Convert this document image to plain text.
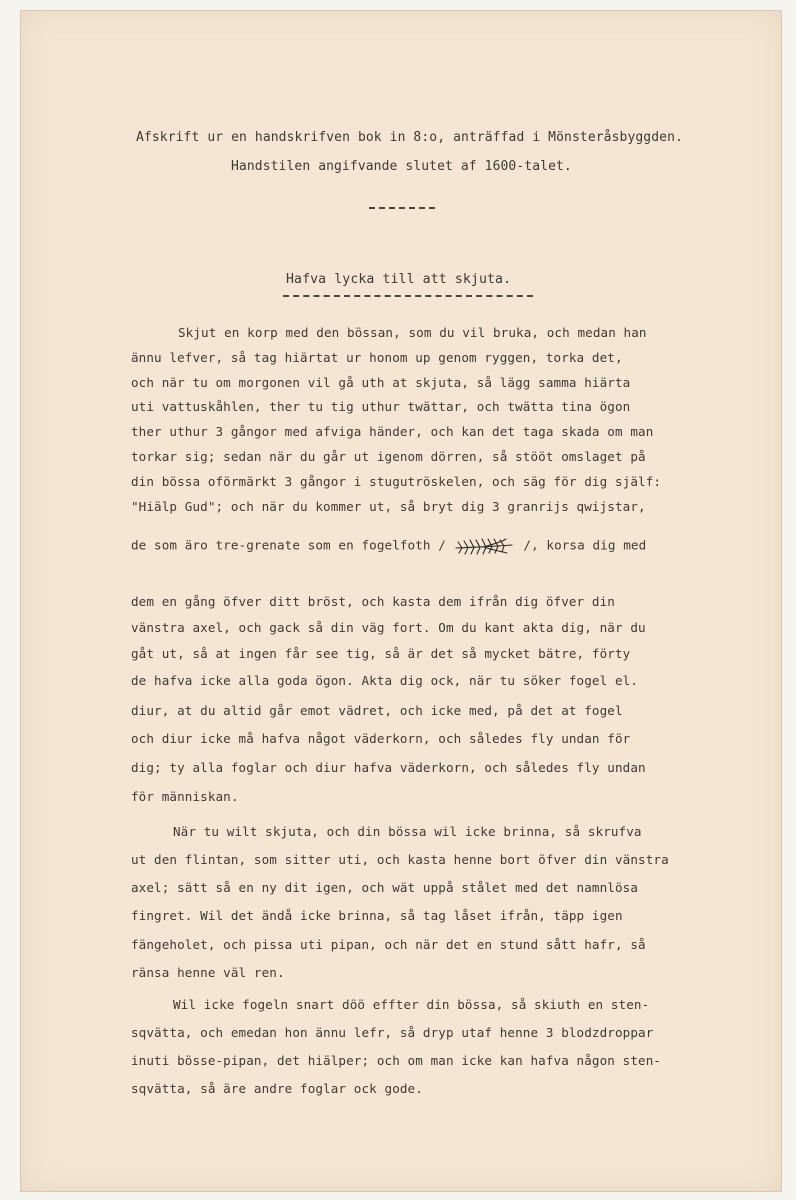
Afskrift ur en handskrifven bok in 8:o, anträffad i Mönsteråsbyggden.
Handstilen angifvande slutet af 1600-talet.
Hafva lycka till att skjuta.
Skjut en korp med den bössan, som du vil bruka, och medan han
ännu lefver, så tag hiärtat ur honom up genom ryggen, torka det,
och när tu om morgonen vil gå uth at skjuta, så lägg samma hiärta
uti vattuskåhlen, ther tu tig uthur twättar, och twätta tina ögon
ther uthur 3 gångor med afviga händer, och kan det taga skada om man
torkar sig; sedan när du går ut igenom dörren, så stööt omslaget på
din bössa oförmärkt 3 gångor i stugutröskelen, och säg för dig själf:
"Hiälp Gud"; och när du kommer ut, så bryt dig 3 granrijs qwijstar,
de som äro tre-grenate som en fogelfoth /	/, korsa dig med
dem en gång öfver ditt bröst, och kasta dem ifrån dig öfver din
vänstra axel, och gack så din väg fort. Om du kant akta dig, när du
gåt ut, så at ingen får see tig, så är det så mycket bätre, förty
de hafva icke alla goda ögon. Akta dig ock, när tu söker fogel el.
diur, at du altid går emot vädret, och icke med, på det at fogel
och diur icke må hafva något väderkorn, och således fly undan för
dig; ty alla foglar och diur hafva väderkorn, och således fly undan
för människan.
När tu wilt skjuta, och din bössa wil icke brinna, så skrufva
ut den flintan, som sitter uti, och kasta henne bort öfver din vänstra
axel; sätt så en ny dit igen, och wät uppå stålet med det namnlösa
fingret. Wil det ändå icke brinna, så tag låset ifrån, täpp igen
fängeholet, och pissa uti pipan, och när det en stund sått hafr, så
ränsa henne väl ren.
Wil icke fogeln snart döö effter din bössa, så skiuth en sten-
sqvätta, och emedan hon ännu lefr, så dryp utaf henne 3 blodzdroppar
inuti bösse-pipan, det hiälper; och om man icke kan hafva någon sten-
sqvätta, så äre andre foglar ock gode.
